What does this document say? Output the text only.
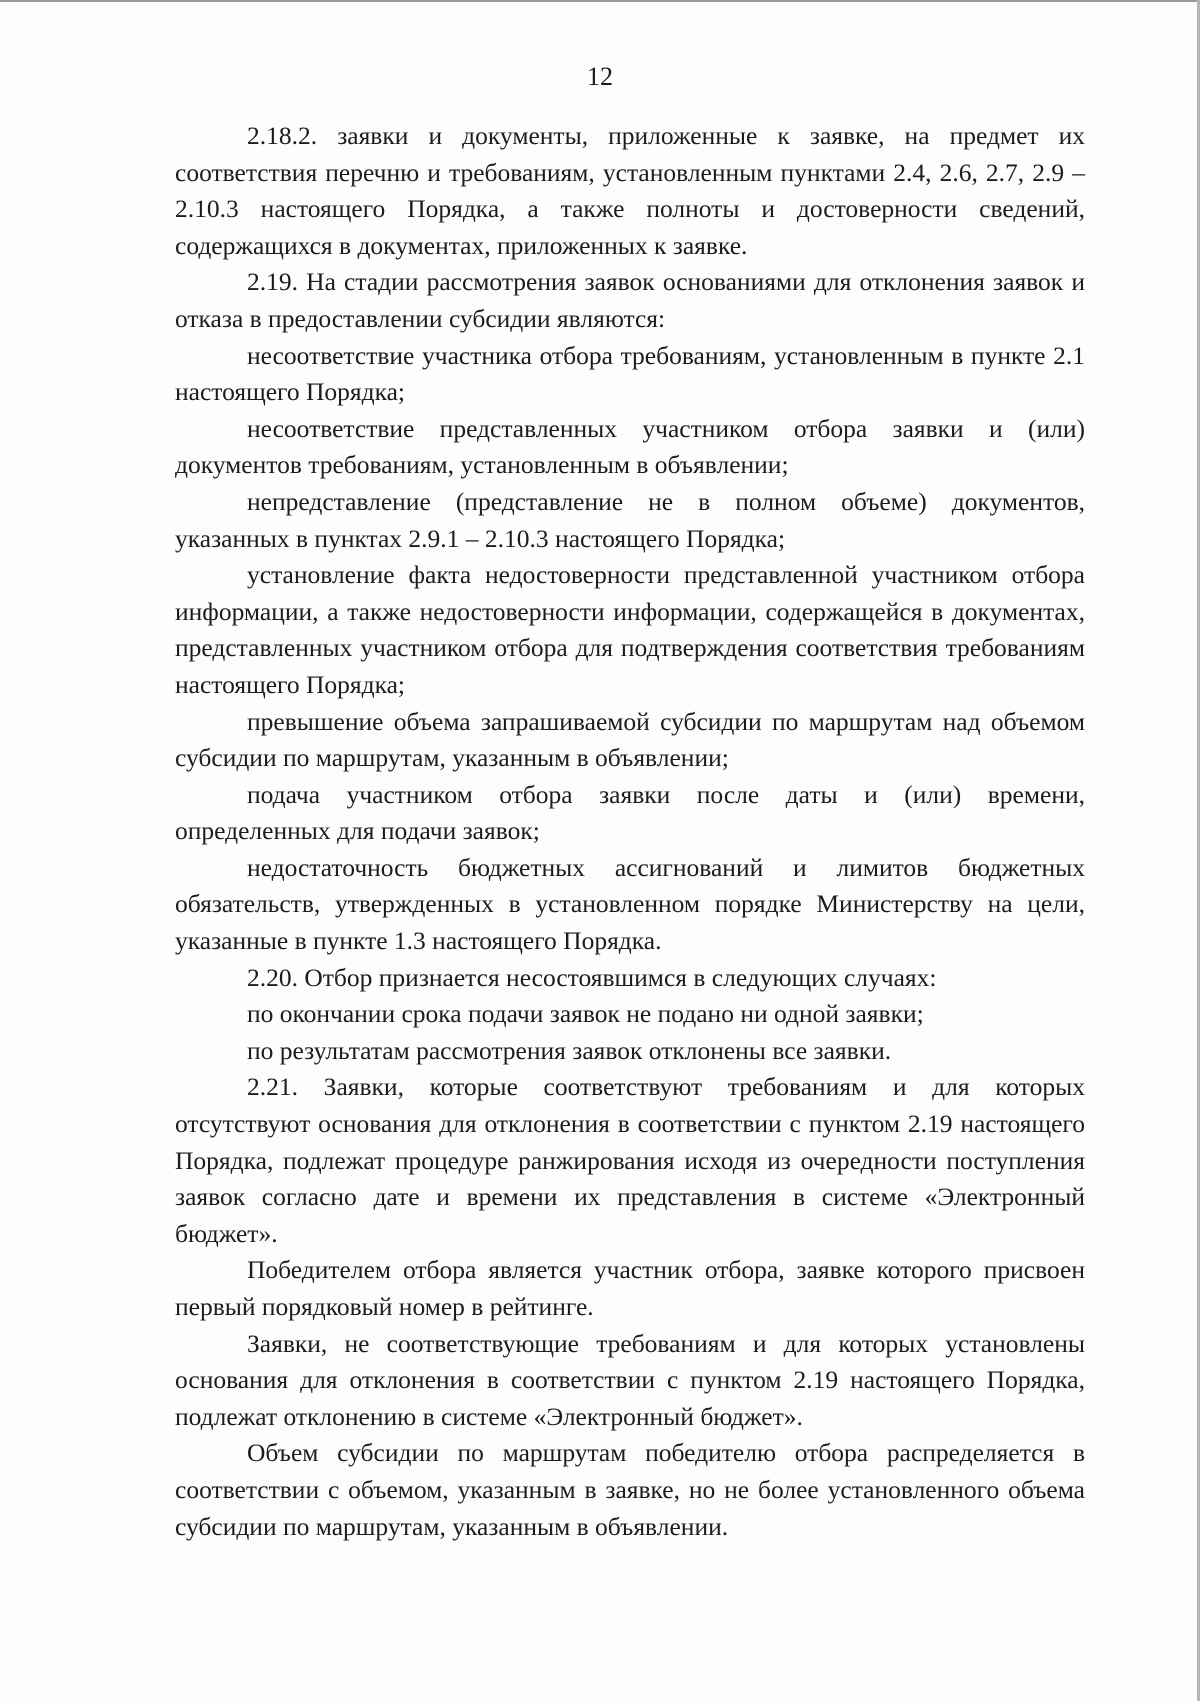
12

2.18.2. заявки и документы, приложенные к заявке, на предмет их соответствия перечню и требованиям, установленным пунктами 2.4, 2.6, 2.7, 2.9 – 2.10.3 настоящего Порядка, а также полноты и достоверности сведений, содержащихся в документах, приложенных к заявке.

2.19. На стадии рассмотрения заявок основаниями для отклонения заявок и отказа в предоставлении субсидии являются:

несоответствие участника отбора требованиям, установленным в пункте 2.1 настоящего Порядка;

несоответствие представленных участником отбора заявки и (или) документов требованиям, установленным в объявлении;

непредставление (представление не в полном объеме) документов, указанных в пунктах 2.9.1 – 2.10.3 настоящего Порядка;

установление факта недостоверности представленной участником отбора информации, а также недостоверности информации, содержащейся в документах, представленных участником отбора для подтверждения соответствия требованиям настоящего Порядка;

превышение объема запрашиваемой субсидии по маршрутам над объемом субсидии по маршрутам, указанным в объявлении;

подача участником отбора заявки после даты и (или) времени, определенных для подачи заявок;

недостаточность бюджетных ассигнований и лимитов бюджетных обязательств, утвержденных в установленном порядке Министерству на цели, указанные в пункте 1.3 настоящего Порядка.

2.20. Отбор признается несостоявшимся в следующих случаях:

по окончании срока подачи заявок не подано ни одной заявки;

по результатам рассмотрения заявок отклонены все заявки.

2.21. Заявки, которые соответствуют требованиям и для которых отсутствуют основания для отклонения в соответствии с пунктом 2.19 настоящего Порядка, подлежат процедуре ранжирования исходя из очередности поступления заявок согласно дате и времени их представления в системе «Электронный бюджет».

Победителем отбора является участник отбора, заявке которого присвоен первый порядковый номер в рейтинге.

Заявки, не соответствующие требованиям и для которых установлены основания для отклонения в соответствии с пунктом 2.19 настоящего Порядка, подлежат отклонению в системе «Электронный бюджет».

Объем субсидии по маршрутам победителю отбора распределяется в соответствии с объемом, указанным в заявке, но не более установленного объема субсидии по маршрутам, указанным в объявлении.
